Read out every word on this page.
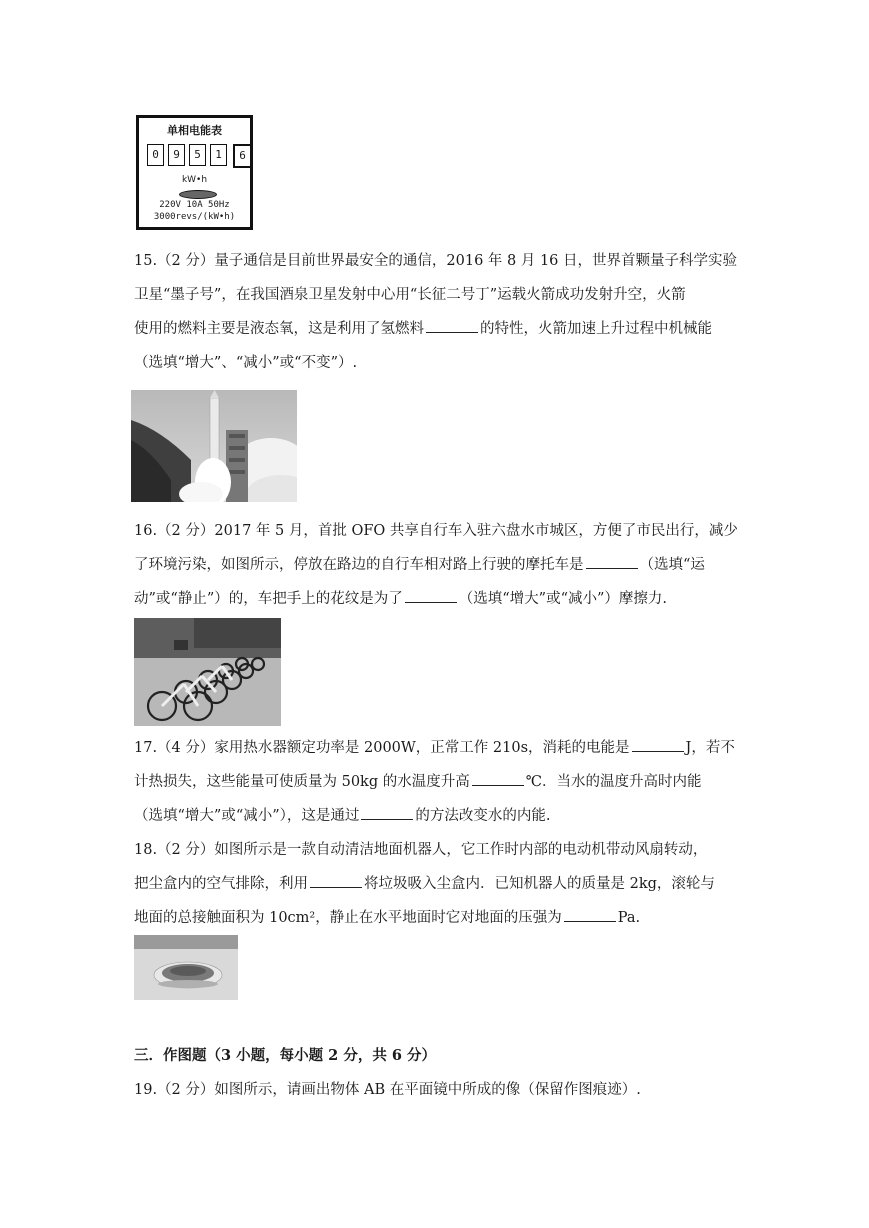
单相电能表
0	9	5	1	6
kW•h
220V 10A 50Hz
3000revs/(kW•h)
15.（2 分）量子通信是目前世界最安全的通信，2016 年 8 月 16 日，世界首颗量子科学实验
卫星“墨子号”，在我国酒泉卫星发射中心用“长征二号丁”运载火箭成功发射升空，火箭
使用的燃料主要是液态氧，这是利用了氢燃料	的特性，火箭加速上升过程中机械能
（选填“增大”、“减小”或“不变”）.
16.（2 分）2017 年 5 月，首批 OFO 共享自行车入驻六盘水市城区，方便了市民出行，减少
了环境污染，如图所示，停放在路边的自行车相对路上行驶的摩托车是	（选填“运
动”或“静止”）的，车把手上的花纹是为了	（选填“增大”或“减小”）摩擦力.
17.（4 分）家用热水器额定功率是 2000W，正常工作 210s，消耗的电能是	J，若不
计热损失，这些能量可使质量为 50kg 的水温度升高	℃．当水的温度升高时内能
（选填“增大”或“减小”），这是通过	的方法改变水的内能.
18.（2 分）如图所示是一款自动清洁地面机器人，它工作时内部的电动机带动风扇转动，
把尘盒内的空气排除，利用	将垃圾吸入尘盒内．已知机器人的质量是 2kg，滚轮与
地面的总接触面积为 10cm²，静止在水平地面时它对地面的压强为	Pa.
三．作图题（3 小题，每小题 2 分，共 6 分）
19.（2 分）如图所示，请画出物体 AB 在平面镜中所成的像（保留作图痕迹）.
